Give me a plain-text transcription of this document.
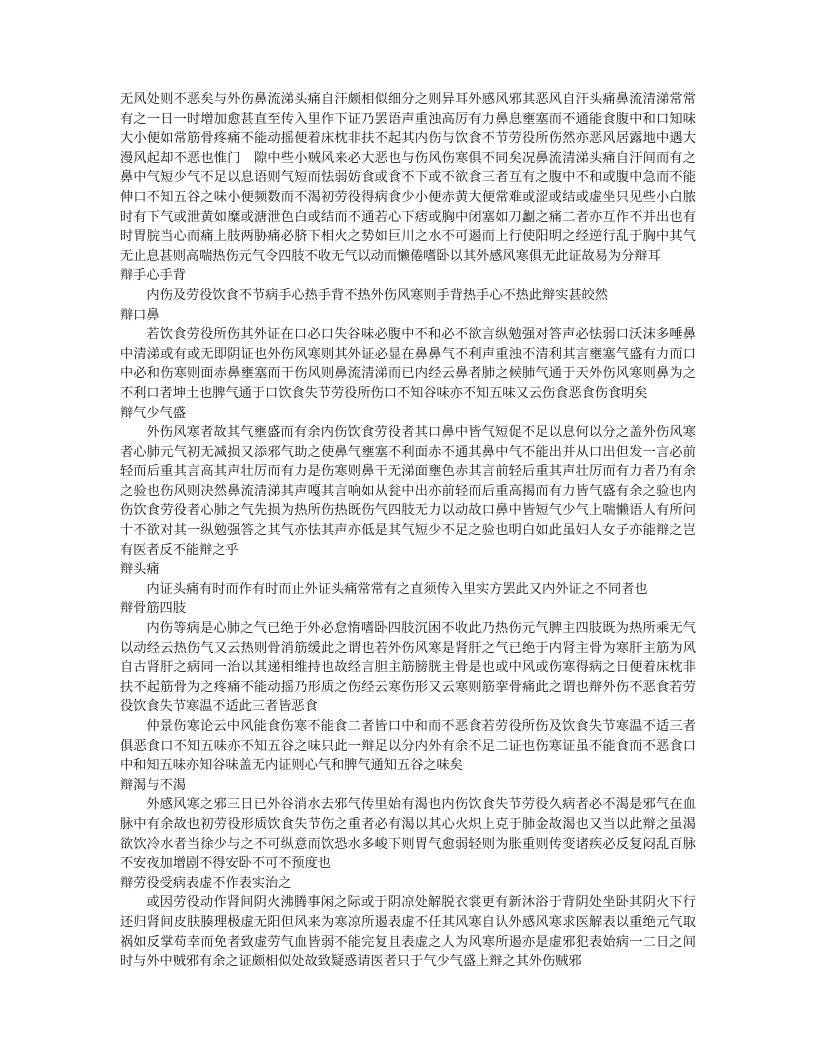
无风处则不恶矣与外伤鼻流涕头痛自汗颇相似细分之则异耳外感风邪其恶风自汗头痛鼻流清涕常常有之一日一时增加愈甚直至传入里作下证乃罢语声重浊高厉有力鼻息壅塞而不通能食腹中和口知味大小便如常筋骨疼痛不能动摇便着床枕非扶不起其内伤与饮食不节劳役所伤然亦恶风居露地中遇大漫风起却不恶也惟门　隙中些小贼风来必大恶也与伤风伤寒俱不同矣况鼻流清涕头痛自汗间而有之鼻中气短少气不足以息语则气短而怯弱妨食或食不下或不欲食三者互有之腹中不和或腹中急而不能伸口不知五谷之味小便频数而不渴初劳役得病食少小便赤黄大便常难或涩或结或虚坐只见些小白脓时有下气或泄黄如糜或溏泄色白或结而不通若心下痞或胸中闭塞如刀劙之痛二者亦互作不并出也有时胃脘当心而痛上肢两胁痛必脐下相火之势如巨川之水不可遏而上行使阳明之经逆行乱于胸中其气无止息甚则高喘热伤元气令四肢不收无气以动而懒倦嗜卧以其外感风寒俱无此证故易为分辩耳

辩手心手背

内伤及劳役饮食不节病手心热手背不热外伤风寒则手背热手心不热此辩实甚皎然

辩口鼻

若饮食劳役所伤其外证在口必口失谷味必腹中不和必不欲言纵勉强对答声必怯弱口沃沫多唾鼻中清涕或有或无即阴证也外伤风寒则其外证必显在鼻鼻气不利声重浊不清利其言壅塞气盛有力而口中必和伤寒则面赤鼻壅塞而干伤风则鼻流清涕而已内经云鼻者肺之候肺气通于天外伤风寒则鼻为之不利口者坤土也脾气通于口饮食失节劳役所伤口不知谷味亦不知五味又云伤食恶食伤食明矣

辩气少气盛

外伤风寒者故其气壅盛而有余内伤饮食劳役者其口鼻中皆气短促不足以息何以分之盖外伤风寒者心肺元气初无减损又添邪气助之使鼻气壅塞不利面赤不通其鼻中气不能出并从口出但发一言必前轻而后重其言高其声壮厉而有力是伤寒则鼻干无涕面壅色赤其言前轻后重其声壮厉而有力者乃有余之验也伤风则决然鼻流清涕其声嘎其言响如从瓮中出亦前轻而后重高揭而有力皆气盛有余之验也内伤饮食劳役者心肺之气先损为热所伤热既伤气四肢无力以动故口鼻中皆短气少气上喘懒语人有所问十不欲对其一纵勉强答之其气亦怯其声亦低是其气短少不足之验也明白如此虽妇人女子亦能辩之岂有医者反不能辩之乎

辩头痛

内证头痛有时而作有时而止外证头痛常常有之直须传入里实方罢此又内外证之不同者也

辩骨筋四肢

内伤等病是心肺之气已绝于外必怠惰嗜卧四肢沉困不收此乃热伤元气脾主四肢既为热所乘无气以动经云热伤气又云热则骨消筋缓此之谓也若外伤风寒是肾肝之气已绝于内肾主骨为寒肝主筋为风自古肾肝之病同一治以其递相维持也故经言胆主筋膀胱主骨是也或中风或伤寒得病之日便着床枕非扶不起筋骨为之疼痛不能动摇乃形质之伤经云寒伤形又云寒则筋挛骨痛此之谓也辩外伤不恶食若劳役饮食失节寒温不适此三者皆恶食

仲景伤寒论云中风能食伤寒不能食二者皆口中和而不恶食若劳役所伤及饮食失节寒温不适三者俱恶食口不知五味亦不知五谷之味只此一辩足以分内外有余不足二证也伤寒证虽不能食而不恶食口中和知五味亦知谷味盖无内证则心气和脾气通知五谷之味矣

辩渴与不渴

外感风寒之邪三日已外谷消水去邪气传里始有渴也内伤饮食失节劳役久病者必不渴是邪气在血脉中有余故也初劳役形质饮食失节伤之重者必有渴以其心火炽上克于肺金故渴也又当以此辩之虽渴欲饮冷水者当徐少与之不可纵意而饮恐水多峻下则胃气愈弱轻则为胀重则传变诸疾必反复闷乱百脉不安夜加增剧不得安卧不可不预度也

辩劳役受病表虚不作表实治之

或因劳役动作肾间阴火沸腾事闲之际或于阴凉处解脱衣裳更有新沐浴于背阴处坐卧其阴火下行还归肾间皮肤腠理极虚无阳但风来为寒凉所遏表虚不任其风寒自认外感风寒求医解表以重绝元气取祸如反掌苟幸而免者致虚劳气血皆弱不能完复且表虚之人为风寒所遏亦是虚邪犯表始病一二日之间时与外中贼邪有余之证颇相似处故致疑惑请医者只于气少气盛上辩之其外伤贼邪
